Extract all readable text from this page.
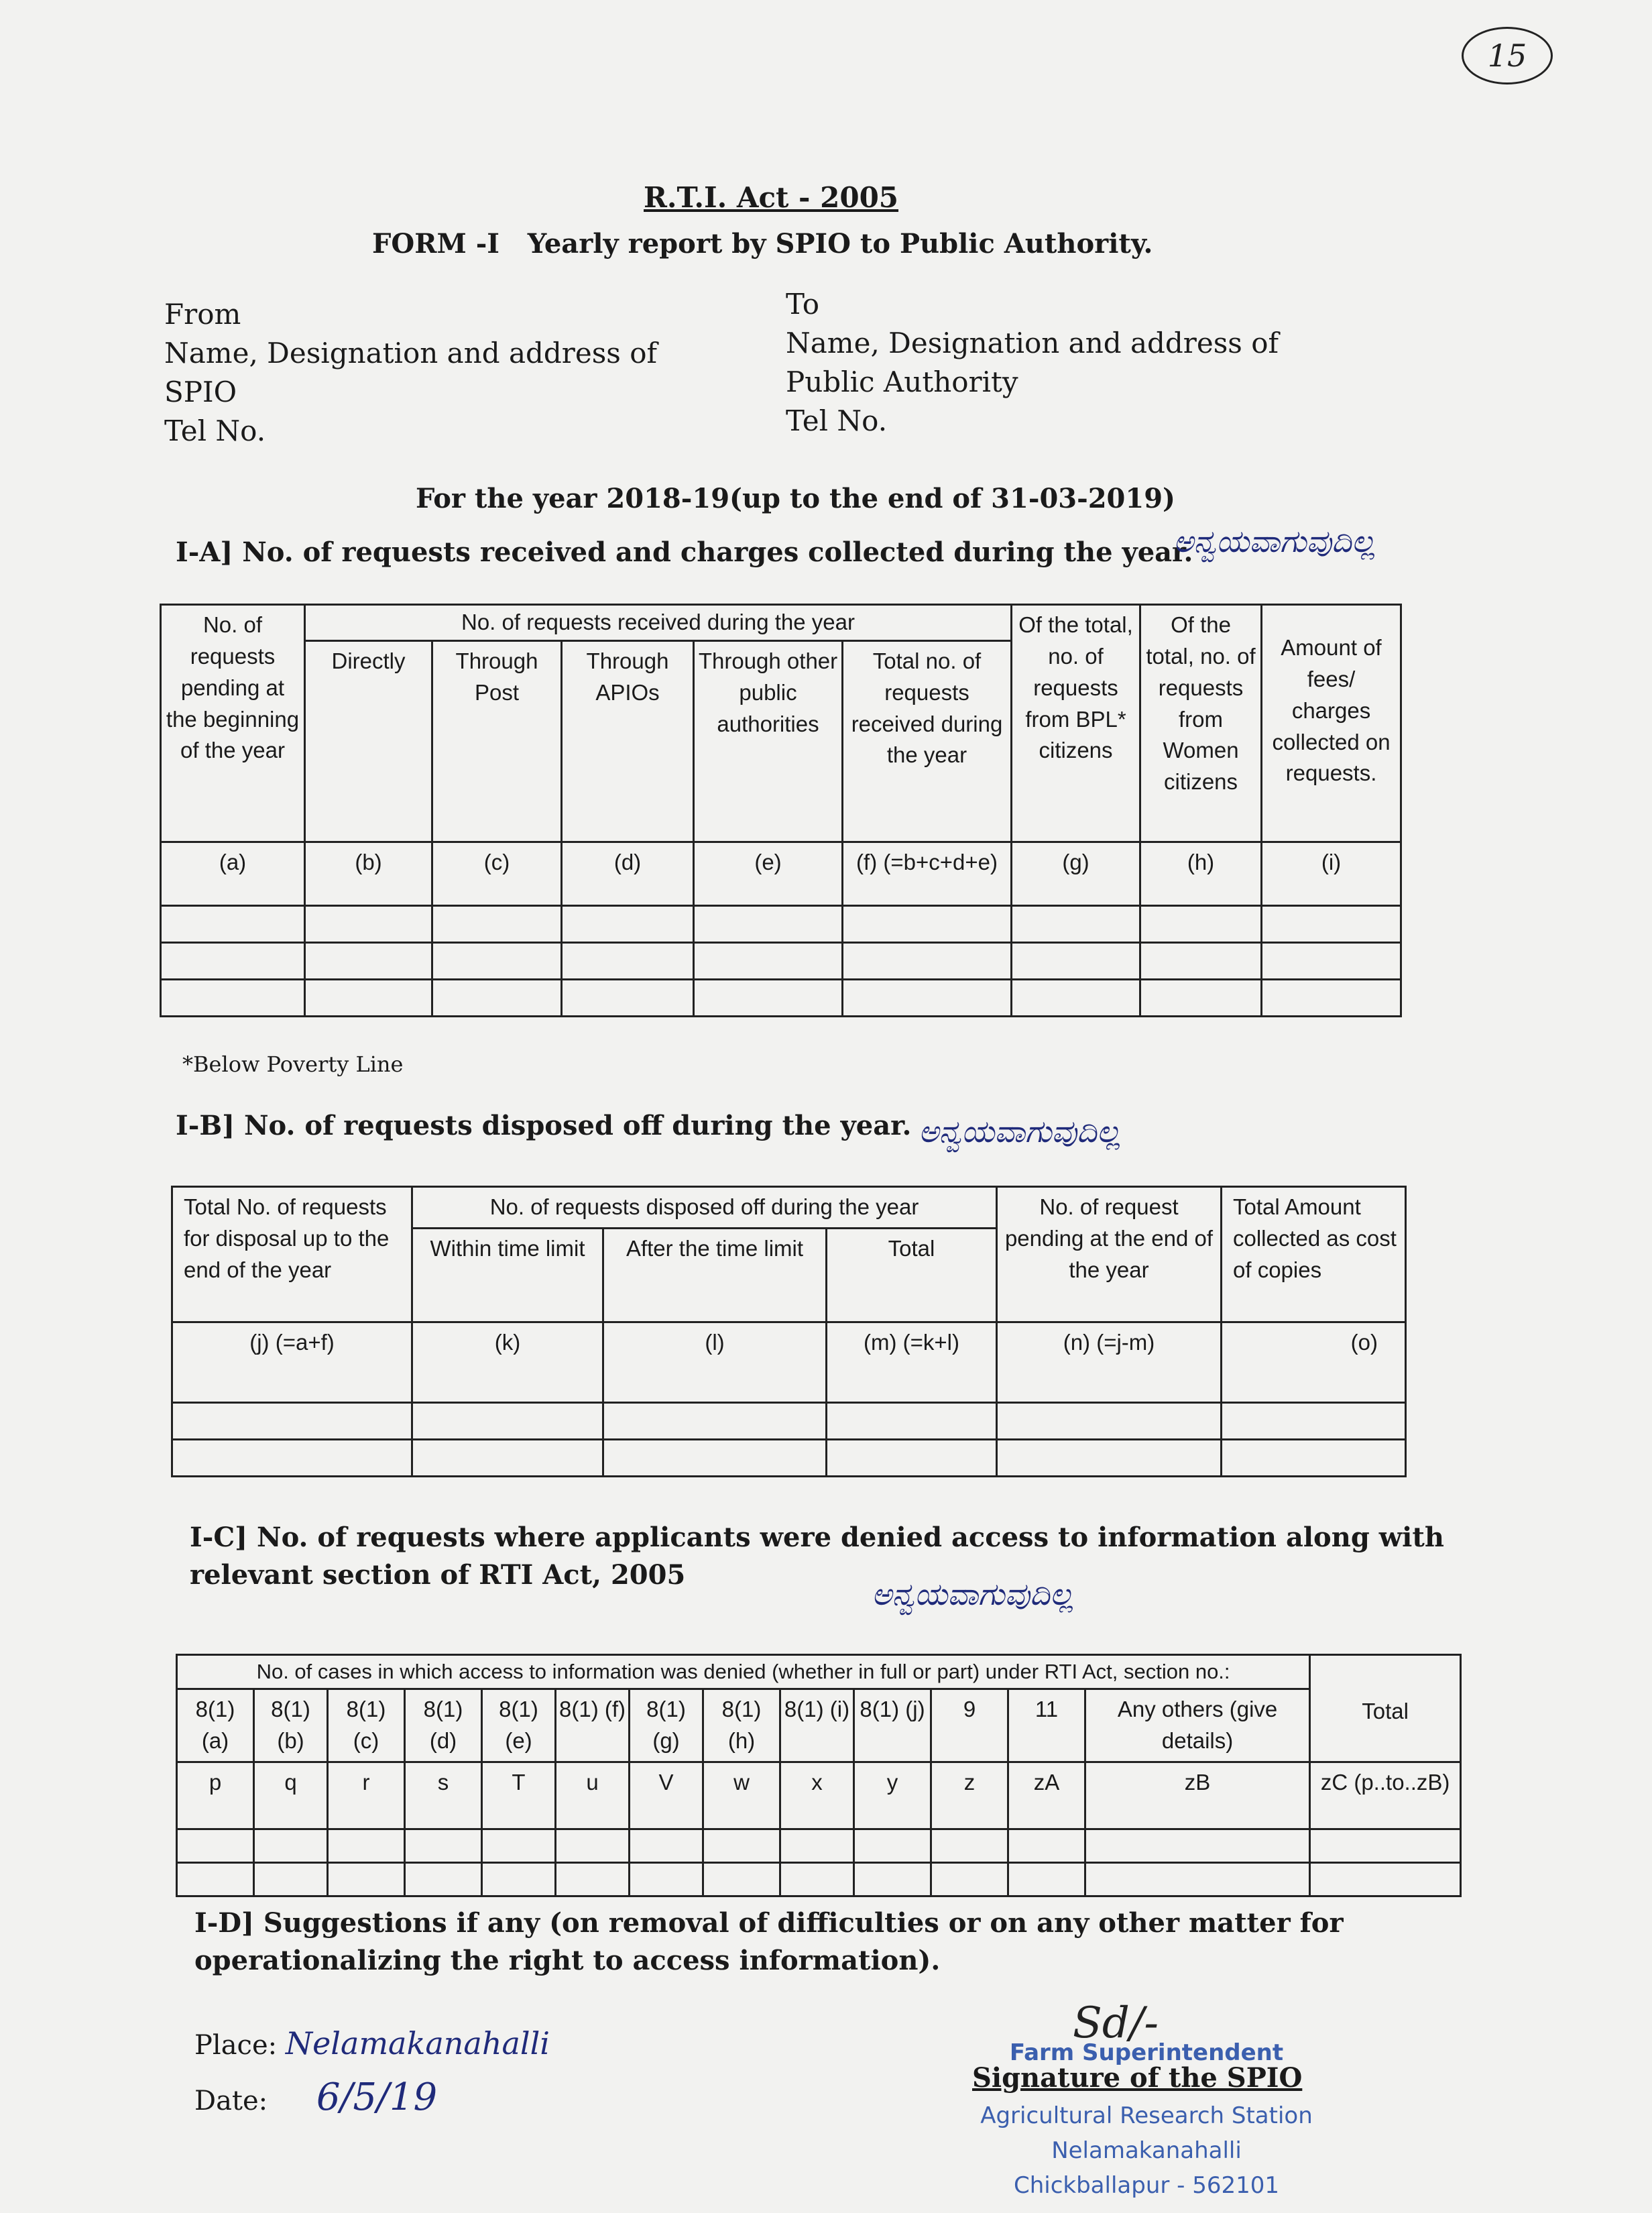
15
R.T.I. Act - 2005
FORM -I   Yearly report by SPIO to Public Authority.
From
Name, Designation and address of
SPIO
Tel No.
To
Name, Designation and address of
Public Authority
Tel No.
For the year 2018-19(up to the end of 31-03-2019)
I-A] No. of requests received and charges collected during the year.
ಅನ್ವಯವಾಗುವುದಿಲ್ಲ
No. of requests pending at the beginning of the year	No. of requests received during the year					Of the total, no. of requests from BPL* citizens	Of the total, no. of requests from Women citizens	Amount of fees/ charges collected on requests.
	Directly	Through Post	Through APIOs	Through other public authorities	Total no. of requests received during the year			
(a)	(b)	(c)	(d)	(e)	(f) (=b+c+d+e)	(g)	(h)	(i)

*Below Poverty Line
I-B] No. of requests disposed off during the year. ಅನ್ವಯವಾಗುವುದಿಲ್ಲ
Total No. of requests for disposal up to the end of the year	No. of requests disposed off during the year			No. of request pending at the end of the year	Total Amount collected as cost of copies
	Within time limit	After the time limit	Total		
(j) (=a+f)	(k)	(l)	(m) (=k+l)	(n) (=j-m)	(o)

I-C] No. of requests where applicants were denied access to information along with
relevant section of RTI Act, 2005
ಅನ್ವಯವಾಗುವುದಿಲ್ಲ
No. of cases in which access to information was denied (whether in full or part) under RTI Act, section no.:													Total
8(1) (a)	8(1) (b)	8(1) (c)	8(1) (d)	8(1) (e)	8(1) (f)	8(1) (g)	8(1) (h)	8(1) (i)	8(1) (j)	9	11	Any others (give details)	
p	q	r	s	T	u	V	w	x	y	z	zA	zB	zC (p..to..zB)

I-D] Suggestions if any (on removal of difficulties or on any other matter for
operationalizing the right to access information).
Place: Nelamakanahalli
Date: 6/5/19
Sd/-
Signature of the SPIO
Farm Superintendent
Agricultural Research Station
Nelamakanahalli
Chickballapur - 562101
